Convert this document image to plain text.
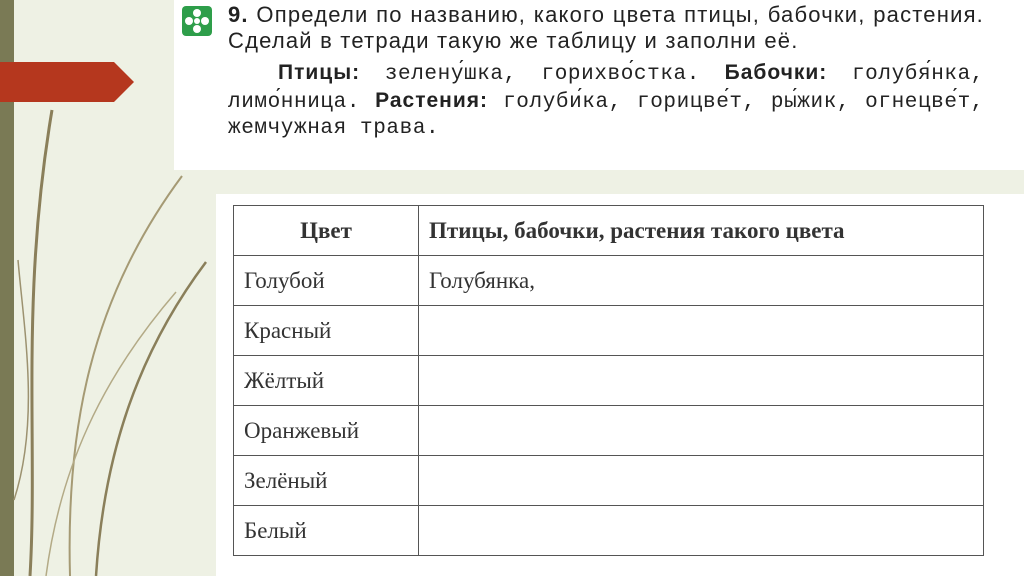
9. Определи по названию, какого цвета птицы, бабочки, растения. Сделай в тетради такую же таблицу и заполни её.
Птицы: зелену́шка, горихво́стка. Бабочки: голубя́нка, лимо́нница. Растения: голуби́ка, горицве́т, ры́жик, огнецве́т, жемчужная трава.
Цвет	Птицы, бабочки, растения такого цвета
Голубой	Голубянка,
Красный	
Жёлтый	
Оранжевый	
Зелёный	
Белый	
